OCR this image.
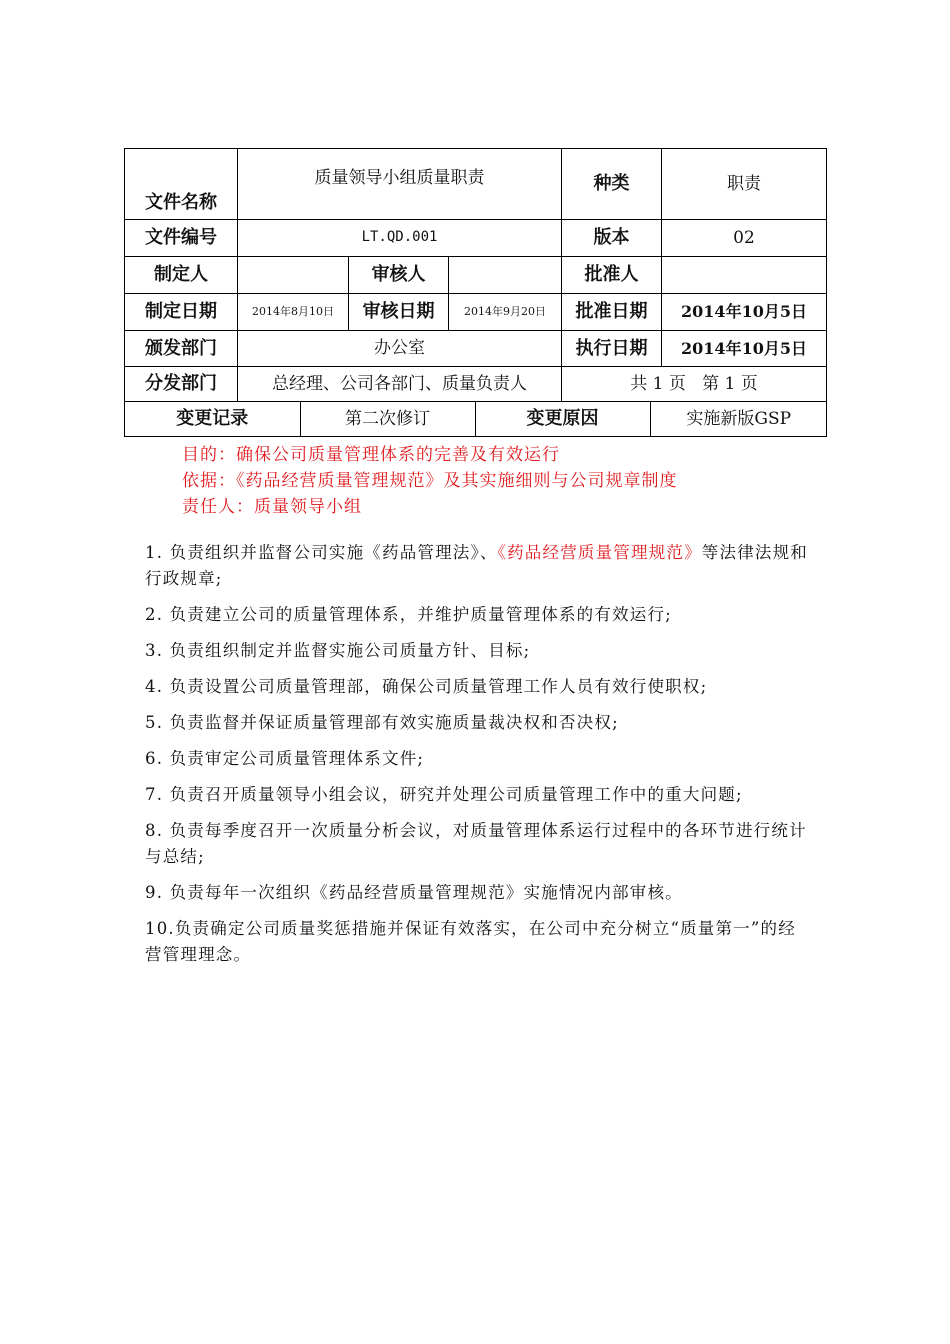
文件名称	质量领导小组质量职责	种类	职责
文件编号	LT.QD.001	版本	02
制定人		审核人		批准人	
制定日期	2014年8月10日	审核日期	2014年9月20日	批准日期	2014年10月5日
颁发部门	办公室	执行日期	2014年10月5日
分发部门	总经理、公司各部门、质量负责人	共 1 页   第 1 页

变更记录	第二次修订	变更原因	实施新版GSP
目的：确保公司质量管理体系的完善及有效运行
依据：《药品经营质量管理规范》及其实施细则与公司规章制度
责任人：质量领导小组
1. 负责组织并监督公司实施《药品管理法》、《药品经营质量管理规范》等法律法规和行政规章;
2. 负责建立公司的质量管理体系，并维护质量管理体系的有效运行;
3. 负责组织制定并监督实施公司质量方针、目标;
4. 负责设置公司质量管理部，确保公司质量管理工作人员有效行使职权;
5. 负责监督并保证质量管理部有效实施质量裁决权和否决权;
6. 负责审定公司质量管理体系文件;
7. 负责召开质量领导小组会议，研究并处理公司质量管理工作中的重大问题;
8. 负责每季度召开一次质量分析会议，对质量管理体系运行过程中的各环节进行统计与总结;
9. 负责每年一次组织《药品经营质量管理规范》实施情况内部审核。
10.负责确定公司质量奖惩措施并保证有效落实，在公司中充分树立“质量第一”的经营管理理念。
